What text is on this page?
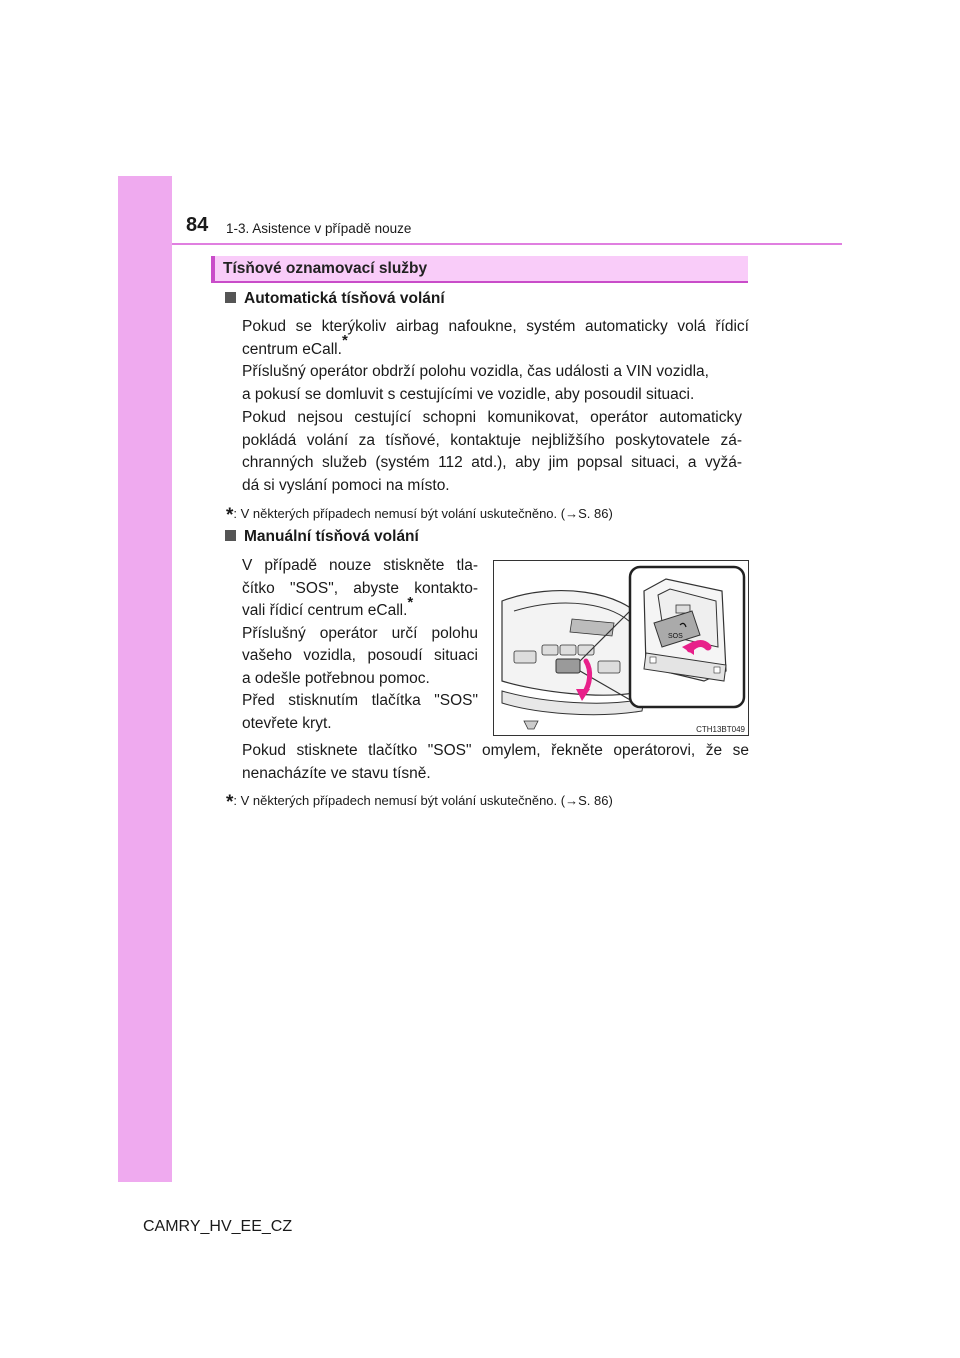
84 1-3. Asistence v případě nouze
Tísňové oznamovací služby
Automatická tísňová volání
Pokud se kterýkoliv airbag nafoukne, systém automaticky volá řídicí
centrum eCall.*
Příslušný operátor obdrží polohu vozidla, čas události a VIN vozidla,
a pokusí se domluvit s cestujícími ve vozidle, aby posoudil situaci.
Pokud nejsou cestující schopni komunikovat, operátor automaticky
pokládá volání za tísňové, kontaktuje nejbližšího poskytovatele zá-
chranných služeb (systém 112 atd.), aby jim popsal situaci, a vyžá-
dá si vyslání pomoci na místo.
*: V některých případech nemusí být volání uskutečněno. (→S. 86)
Manuální tísňová volání
V případě nouze stiskněte tla-
čítko "SOS", abyste kontakto-
vali řídicí centrum eCall.*
Příslušný operátor určí polohu
vašeho vozidla, posoudí situaci
a odešle potřebnou pomoc.
Před stisknutím tlačítka "SOS"
otevřete kryt.
SOS
CTH13BT049
Pokud stisknete tlačítko "SOS" omylem, řekněte operátorovi, že se
nenacházíte ve stavu tísně.
*: V některých případech nemusí být volání uskutečněno. (→S. 86)
CAMRY_HV_EE_CZ
